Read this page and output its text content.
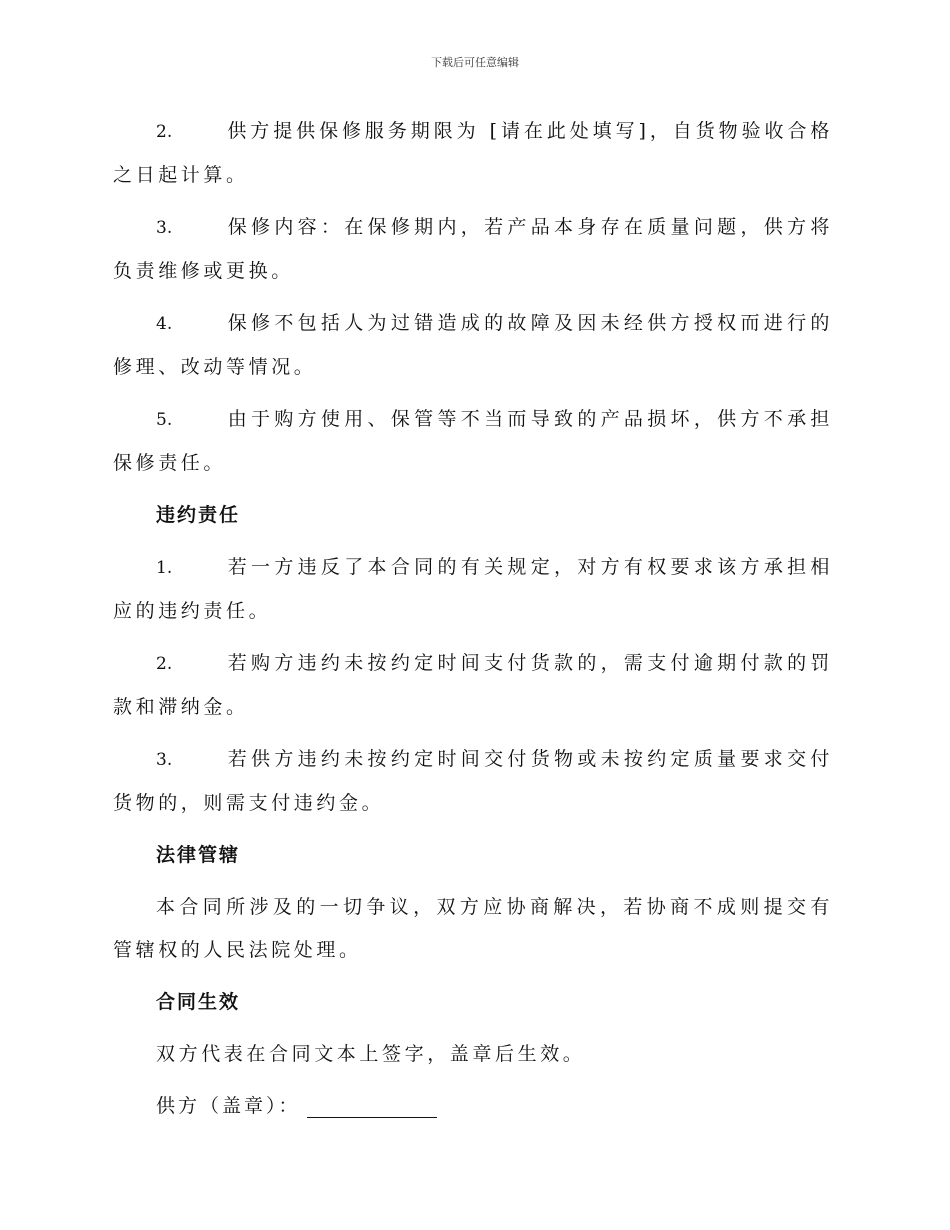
下载后可任意编辑
2.	供方提供保修服务期限为 [请在此处填写]，自货物验收合格之日起计算。
3.	保修内容：在保修期内，若产品本身存在质量问题，供方将负责维修或更换。
4.	保修不包括人为过错造成的故障及因未经供方授权而进行的修理、改动等情况。
5.	由于购方使用、保管等不当而导致的产品损坏，供方不承担保修责任。
违约责任
1.	若一方违反了本合同的有关规定，对方有权要求该方承担相应的违约责任。
2.	若购方违约未按约定时间支付货款的，需支付逾期付款的罚款和滞纳金。
3.	若供方违约未按约定时间交付货物或未按约定质量要求交付货物的，则需支付违约金。
法律管辖
本合同所涉及的一切争议，双方应协商解决，若协商不成则提交有管辖权的人民法院处理。
合同生效
双方代表在合同文本上签字，盖章后生效。
供方（盖章）：
